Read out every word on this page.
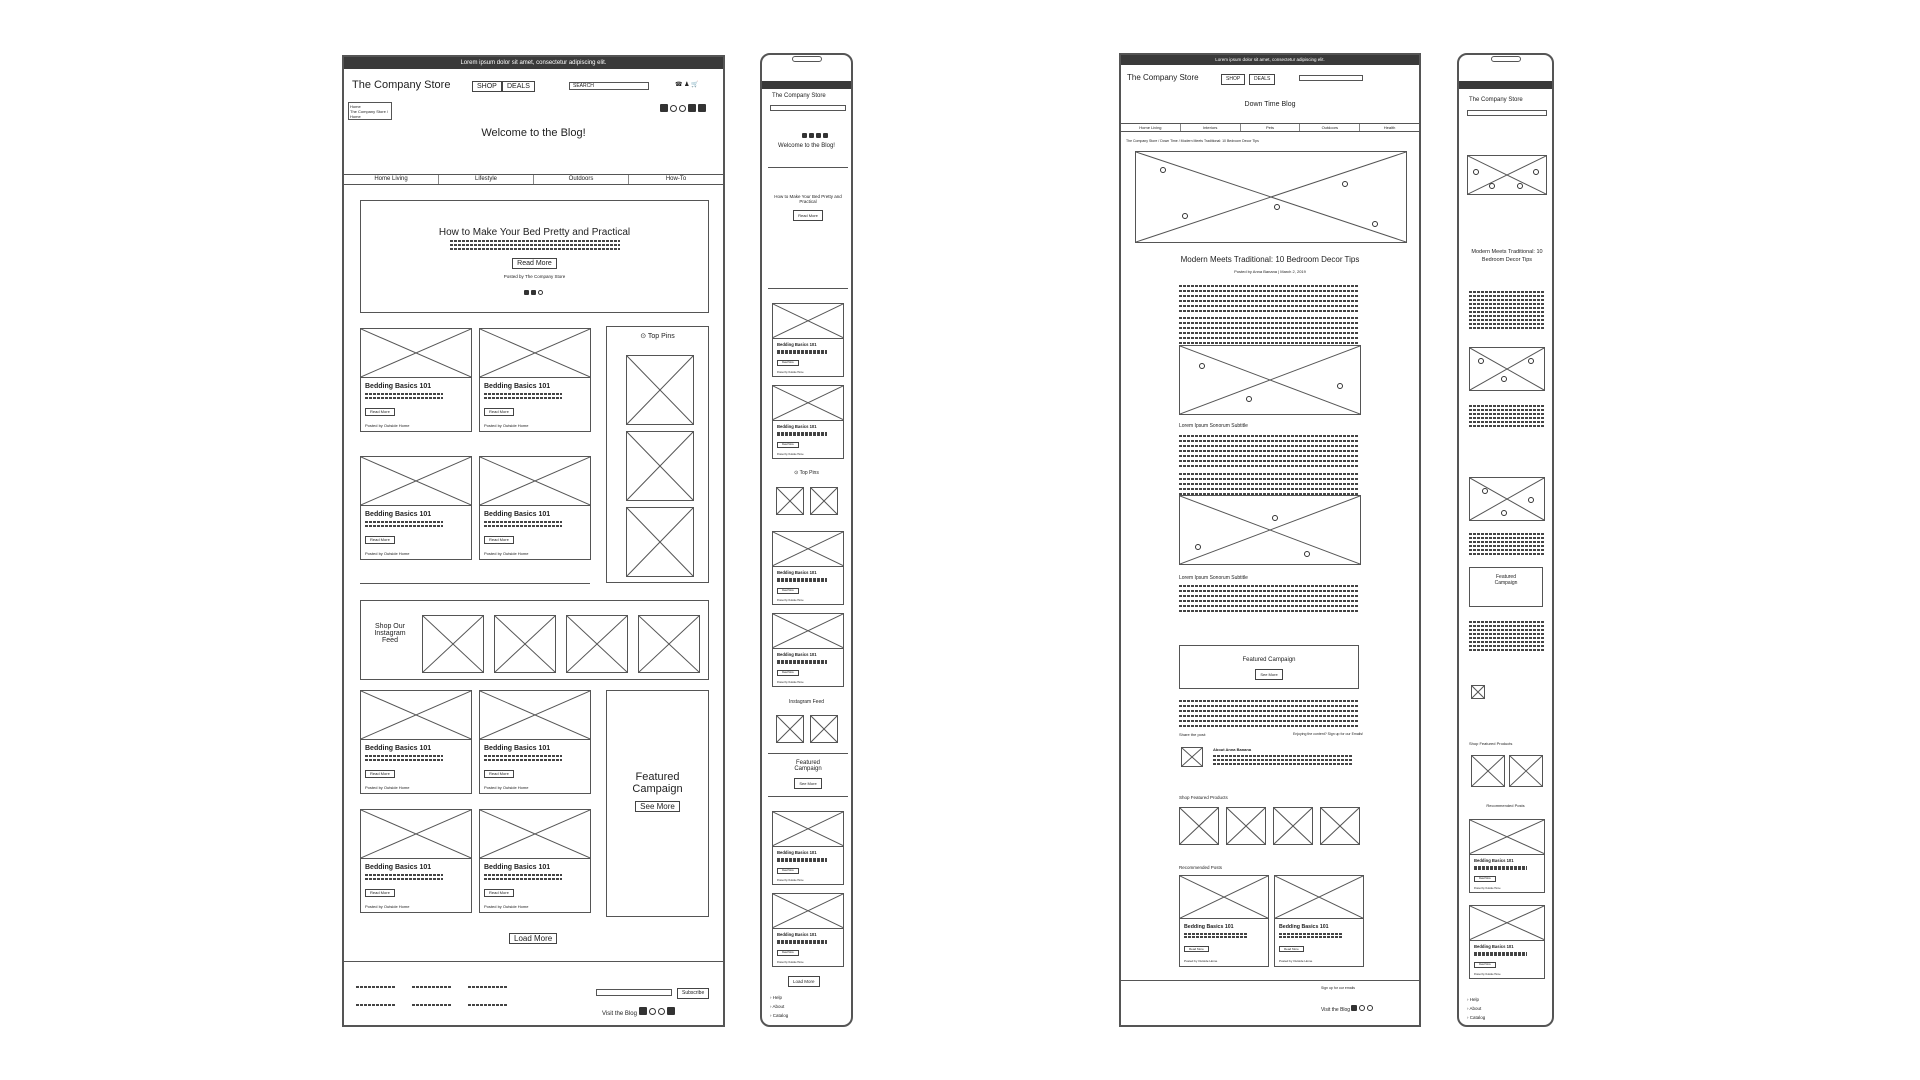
Lorem ipsum dolor sit amet, consectetur adipiscing elit.
The Company Store	SHOP	DEALS	SEARCH	☎ ♟ 🛒
Home
The Company Store / Home
Welcome to the Blog!
Home Living	Lifestyle	Outdoors	How-To
How to Make Your Bed Pretty and Practical
Read More
Posted by The Company Store
⊙ Top Pins
Shop Our Instagram Feed
Featured Campaign
See More
Load More

Subscribe
Visit the Blog
Bedding Basics 101
Read More
Posted by Outside Home
Bedding Basics 101
Read More
Posted by Outside Home
Bedding Basics 101
Read More
Posted by Outside Home
Bedding Basics 101
Read More
Posted by Outside Home
Bedding Basics 101
Read More
Posted by Outside Home
Bedding Basics 101
Read More
Posted by Outside Home
Bedding Basics 101
Read More
Posted by Outside Home
Bedding Basics 101
Read More
Posted by Outside Home
The Company Store
Welcome to the Blog!
How to Make Your Bed Pretty and Practical
Read More
⊙ Top Pins
Instagram Feed
Featured Campaign
See More
Load More
› Help
› About
› Catalog
Bedding Basics 101
Read More
Posted by Outside Home
Bedding Basics 101
Read More
Posted by Outside Home
Bedding Basics 101
Read More
Posted by Outside Home
Bedding Basics 101
Read More
Posted by Outside Home
Bedding Basics 101
Read More
Posted by Outside Home
Bedding Basics 101
Read More
Posted by Outside Home
Lorem ipsum dolor sit amet, consectetur adipiscing elit.
The Company Store	SHOP	DEALS
Down Time Blog
Home Living	Interiors	Pets	Outdoors	Health
The Company Store / Down Time / Modern Meets Traditional: 10 Bedroom Decor Tips
Modern Meets Traditional: 10 Bedroom Decor Tips
Posted by Anna Banana | March 2, 2019
Lorem Ipsum Sonorum Subtitle
Lorem Ipsum Sonorum Subtitle
Featured Campaign
See More
Share the post:	Enjoying the content? Sign up for our Emails!
About Anna Banana
Shop Featured Products
Recommended Posts
Sign up for our emails
Visit the Blog
Bedding Basics 101
Read More
Posted by Outside Home
Bedding Basics 101
Read More
Posted by Outside Home
The Company Store
Modern Meets Traditional: 10 Bedroom Decor Tips
Featured Campaign
Shop Featured Products
Recommended Posts
› Help
› About
› Catalog
Bedding Basics 101
Read More
Posted by Outside Home
Bedding Basics 101
Read More
Posted by Outside Home
